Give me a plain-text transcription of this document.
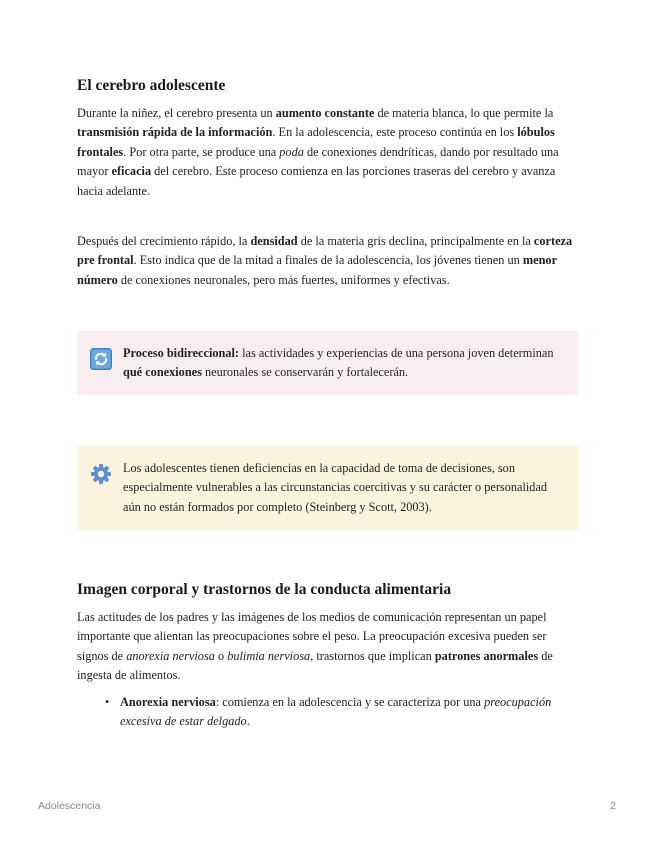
El cerebro adolescente

Durante la niñez, el cerebro presenta un aumento constante de materia blanca, lo que permite la transmisión rápida de la información. En la adolescencia, este proceso continúa en los lóbulos frontales. Por otra parte, se produce una poda de conexiones dendríticas, dando por resultado una mayor eficacia del cerebro. Este proceso comienza en las porciones traseras del cerebro y avanza hacia adelante.

Después del crecimiento rápido, la densidad de la materia gris declina, principalmente en la corteza pre frontal. Esto indica que de la mitad a finales de la adolescencia, los jóvenes tienen un menor número de conexiones neuronales, pero más fuertes, uniformes y efectivas.

Proceso bidireccional: las actividades y experiencias de una persona joven determinan qué conexiones neuronales se conservarán y fortalecerán.
Los adolescentes tienen deficiencias en la capacidad de toma de decisiones, son especialmente vulnerables a las circunstancias coercitivas y su carácter o personalidad aún no están formados por completo (Steinberg y Scott, 2003).
Imagen corporal y trastornos de la conducta alimentaria

Las actitudes de los padres y las imágenes de los medios de comunicación representan un papel importante que alientan las preocupaciones sobre el peso. La preocupación excesiva pueden ser signos de anorexia nerviosa o bulimia nerviosa, trastornos que implican patrones anormales de ingesta de alimentos.

• Anorexia nerviosa: comienza en la adolescencia y se caracteriza por una preocupación excesiva de estar delgado.
Adolescencia	2
